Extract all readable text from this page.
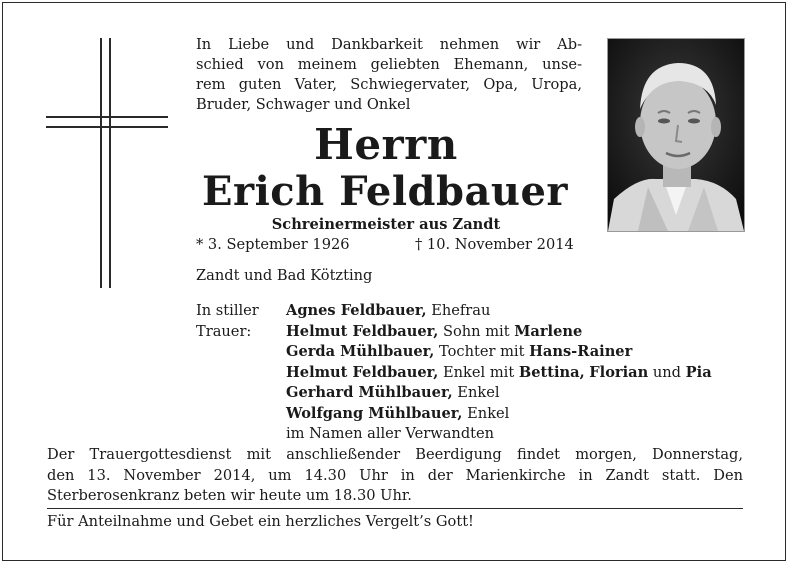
In Liebe und Dankbarkeit nehmen wir Ab-
schied von meinem geliebten Ehemann, unse-
rem guten Vater, Schwiegervater, Opa, Uropa,
Bruder, Schwager und Onkel
Herrn
Erich Feldbauer
Schreinermeister aus Zandt
* 3. September 1926	† 10. November 2014
Zandt und Bad Kötzting
In stiller
Trauer:
Agnes Feldbauer, Ehefrau
Helmut Feldbauer, Sohn mit Marlene
Gerda Mühlbauer, Tochter mit Hans-Rainer
Helmut Feldbauer, Enkel mit Bettina, Florian und Pia
Gerhard Mühlbauer, Enkel
Wolfgang Mühlbauer, Enkel
im Namen aller Verwandten
Der Trauergottesdienst mit anschließender Beerdigung findet morgen, Donnerstag,
den 13. November 2014, um 14.30 Uhr in der Marienkirche in Zandt statt. Den
Sterberosenkranz beten wir heute um 18.30 Uhr.
Für Anteilnahme und Gebet ein herzliches Vergelt’s Gott!
